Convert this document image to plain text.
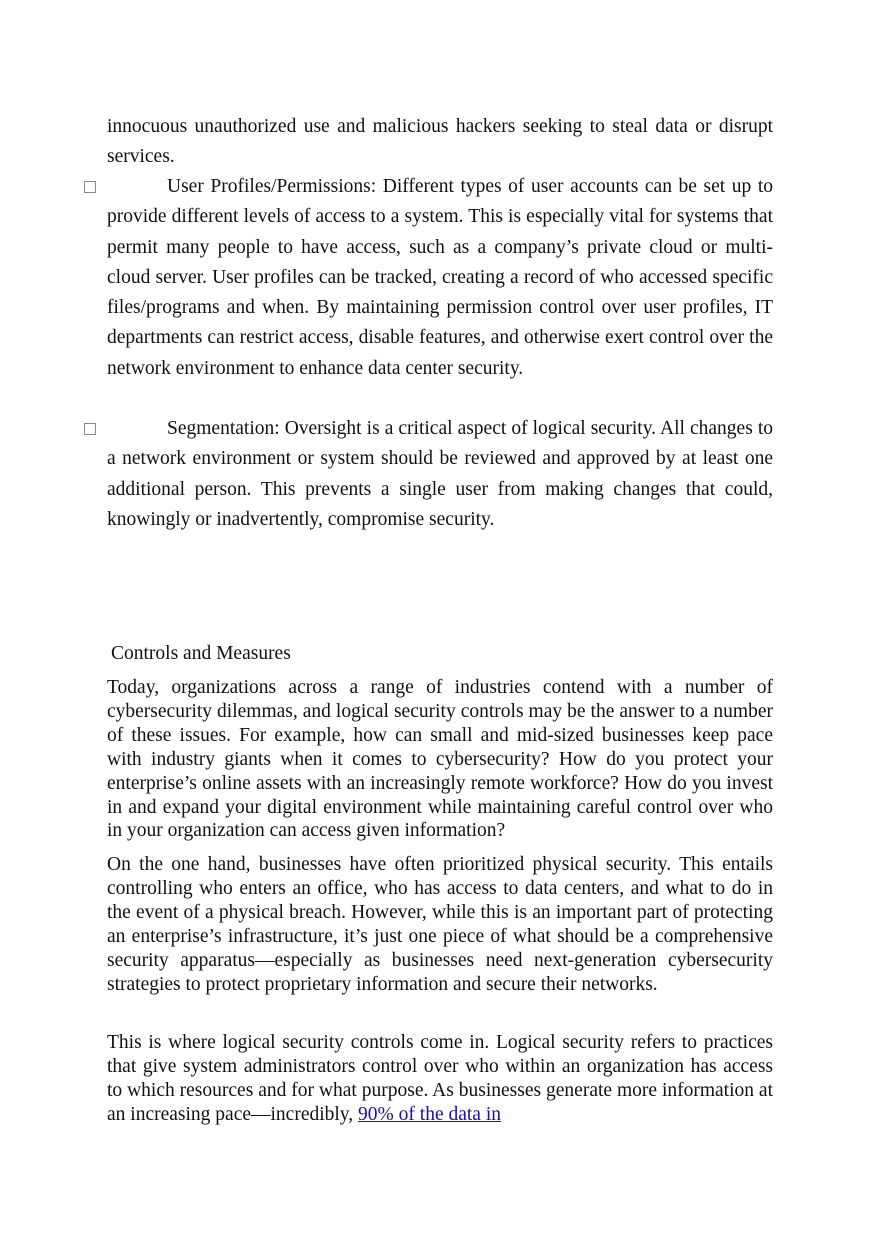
innocuous unauthorized use and malicious hackers seeking to steal data or disrupt services.
User Profiles/Permissions: Different types of user accounts can be set up to provide different levels of access to a system. This is especially vital for systems that permit many people to have access, such as a company’s private cloud or multi-cloud server. User profiles can be tracked, creating a record of who accessed specific files/programs and when. By maintaining permission control over user profiles, IT departments can restrict access, disable features, and otherwise exert control over the network environment to enhance data center security.
Segmentation: Oversight is a critical aspect of logical security. All changes to a network environment or system should be reviewed and approved by at least one additional person. This prevents a single user from making changes that could, knowingly or inadvertently, compromise security.
Controls and Measures

Today, organizations across a range of industries contend with a number of cybersecurity dilemmas, and logical security controls may be the answer to a number of these issues. For example, how can small and mid-sized businesses keep pace with industry giants when it comes to cybersecurity? How do you protect your enterprise’s online assets with an increasingly remote workforce? How do you invest in and expand your digital environment while maintaining careful control over who in your organization can access given information?

On the one hand, businesses have often prioritized physical security. This entails controlling who enters an office, who has access to data centers, and what to do in the event of a physical breach. However, while this is an important part of protecting an enterprise’s infrastructure, it’s just one piece of what should be a comprehensive security apparatus—especially as businesses need next-generation cybersecurity strategies to protect proprietary information and secure their networks.

This is where logical security controls come in. Logical security refers to practices that give system administrators control over who within an organization has access to which resources and for what purpose. As businesses generate more information at an increasing pace—incredibly, 90% of the data in
